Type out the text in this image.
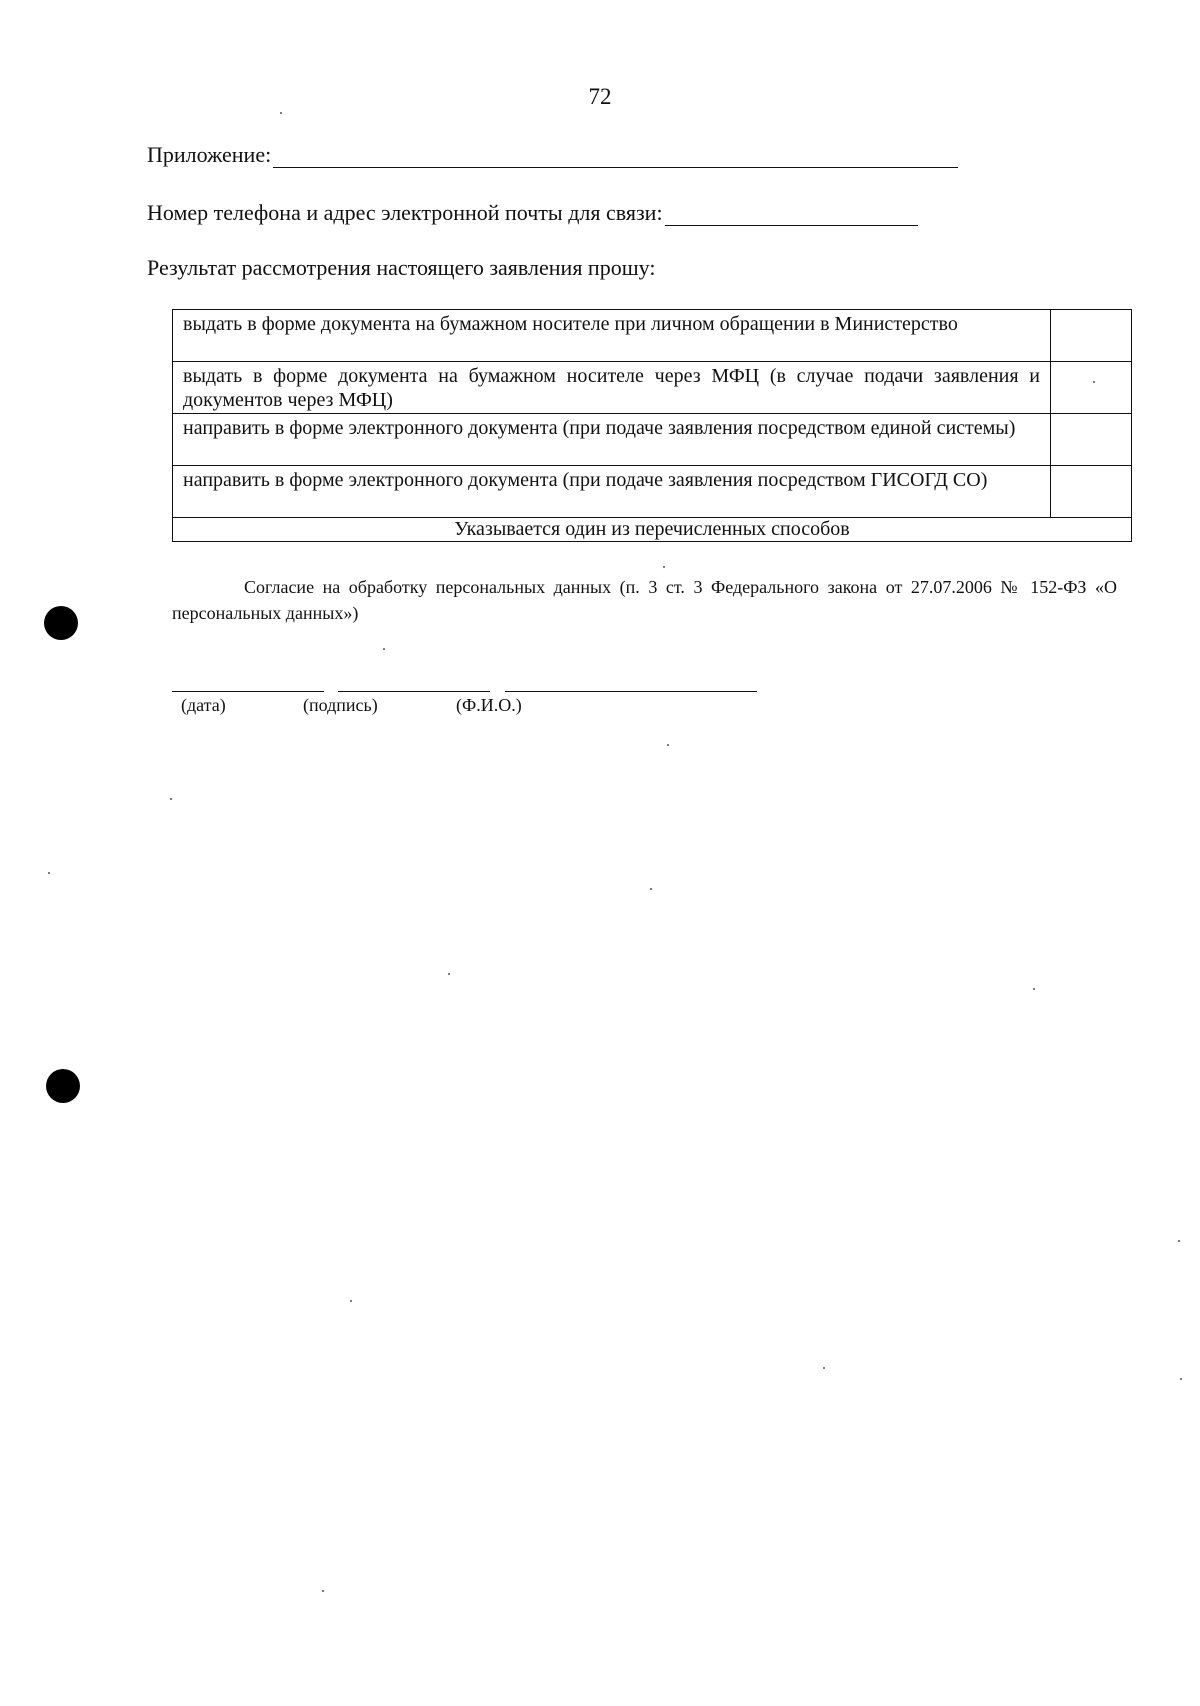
72
Приложение:
Номер телефона и адрес электронной почты для связи:
Результат рассмотрения настоящего заявления прошу:
выдать в форме документа на бумажном носителе при личном обращении в Министерство	
выдать в форме документа на бумажном носителе через МФЦ (в случае подачи заявления и документов через МФЦ)	
направить в форме электронного документа (при подаче заявления посредством единой системы)	
направить в форме электронного документа (при подаче заявления посредством ГИСОГД СО)	
Указывается один из перечисленных способов	
Согласие на обработку персональных данных (п. 3 ст. 3 Федерального закона от 27.07.2006 № 152-ФЗ «О персональных данных»)
(дата)	(подпись)	(Ф.И.О.)
